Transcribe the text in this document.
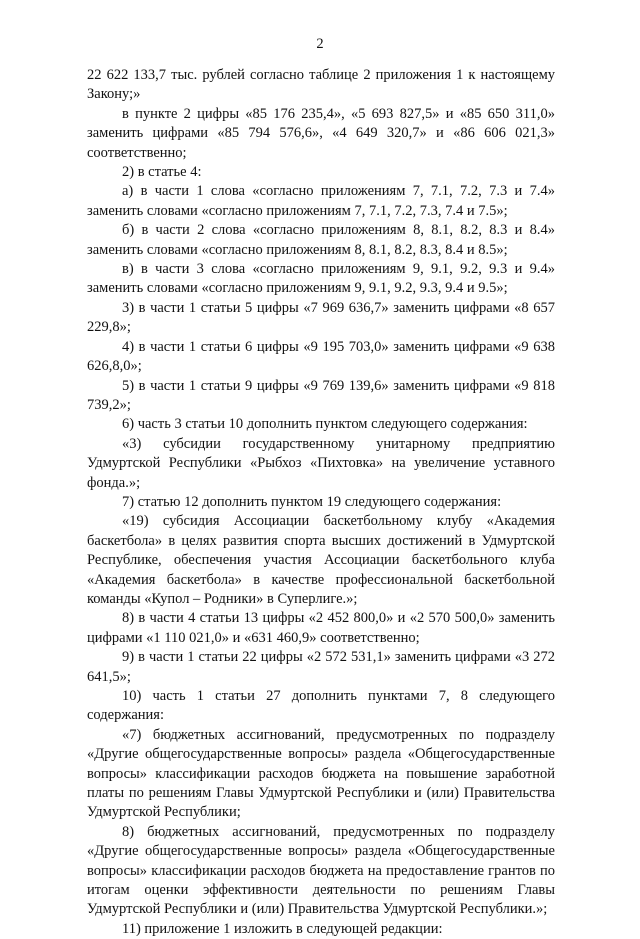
2

22 622 133,7 тыс. рублей согласно таблице 2 приложения 1 к настоящему Закону;»

в пункте 2 цифры «85 176 235,4», «5 693 827,5» и «85 650 311,0» заменить цифрами «85 794 576,6», «4 649 320,7» и «86 606 021,3» соответственно;

2) в статье 4:

а) в части 1 слова «согласно приложениям 7, 7.1, 7.2, 7.3 и 7.4» заменить словами «согласно приложениям 7, 7.1, 7.2, 7.3, 7.4 и 7.5»;

б) в части 2 слова «согласно приложениям 8, 8.1, 8.2, 8.3 и 8.4» заменить словами «согласно приложениям 8, 8.1, 8.2, 8.3, 8.4 и 8.5»;

в) в части 3 слова «согласно приложениям 9, 9.1, 9.2, 9.3 и 9.4» заменить словами «согласно приложениям 9, 9.1, 9.2, 9.3, 9.4 и 9.5»;

3) в части 1 статьи 5 цифры «7 969 636,7» заменить цифрами «8 657 229,8»;

4) в части 1 статьи 6 цифры «9 195 703,0» заменить цифрами «9 638 626,8,0»;

5) в части 1 статьи 9 цифры «9 769 139,6» заменить цифрами «9 818 739,2»;

6) часть 3 статьи 10 дополнить пунктом следующего содержания:

«3) субсидии государственному унитарному предприятию Удмуртской Республики «Рыбхоз «Пихтовка» на увеличение уставного фонда.»;

7) статью 12 дополнить пунктом 19 следующего содержания:

«19) субсидия Ассоциации баскетбольному клубу «Академия баскетбола» в целях развития спорта высших достижений в Удмуртской Республике, обеспечения участия Ассоциации баскетбольного клуба «Академия баскетбола» в качестве профессиональной баскетбольной команды «Купол – Родники» в Суперлиге.»;

8) в части 4 статьи 13 цифры «2 452 800,0» и «2 570 500,0» заменить цифрами «1 110 021,0» и «631 460,9» соответственно;

9) в части 1 статьи 22 цифры «2 572 531,1» заменить цифрами «3 272 641,5»;

10) часть 1 статьи 27 дополнить пунктами 7, 8 следующего содержания:

«7) бюджетных ассигнований, предусмотренных по подразделу «Другие общегосударственные вопросы» раздела «Общегосударственные вопросы» классификации расходов бюджета на повышение заработной платы по решениям Главы Удмуртской Республики и (или) Правительства Удмуртской Республики;

8) бюджетных ассигнований, предусмотренных по подразделу «Другие общегосударственные вопросы» раздела «Общегосударственные вопросы» классификации расходов бюджета на предоставление грантов по итогам оценки эффективности деятельности по решениям Главы Удмуртской Республики и (или) Правительства Удмуртской Республики.»;

11) приложение 1 изложить в следующей редакции:
